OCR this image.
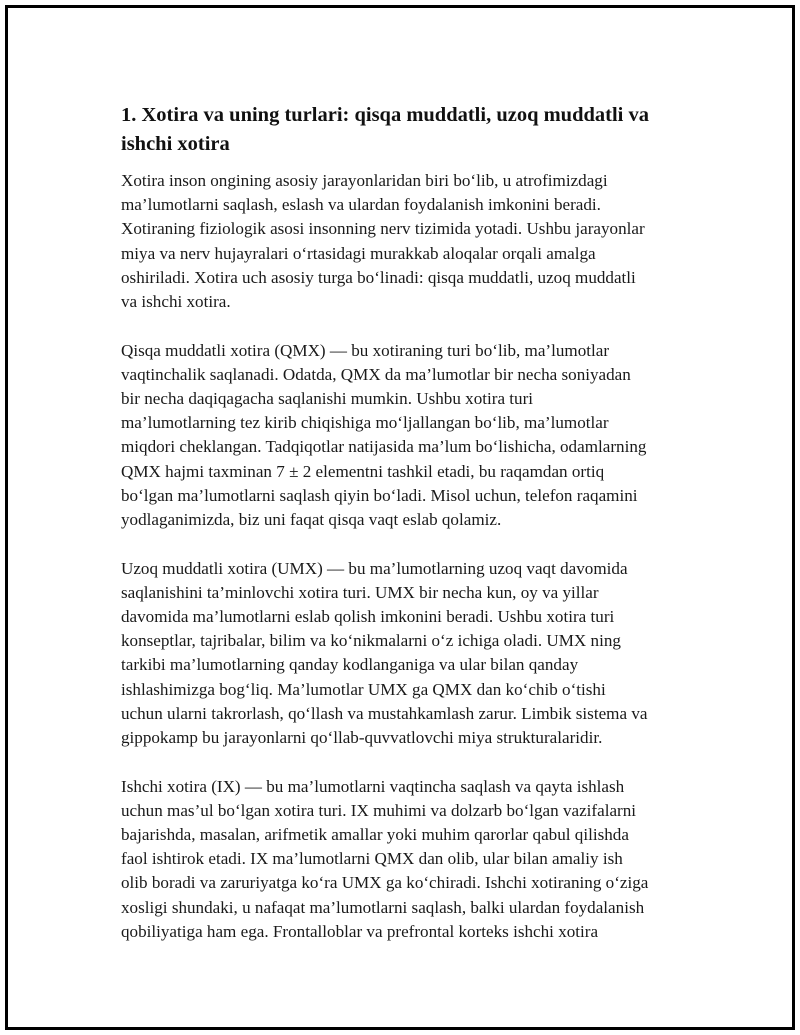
1. Xotira va uning turlari: qisqa muddatli, uzoq muddatli va
ishchi xotira

Xotira inson ongining asosiy jarayonlaridan biri bo‘lib, u atrofimizdagi
ma’lumotlarni saqlash, eslash va ulardan foydalanish imkonini beradi.
Xotiraning fiziologik asosi insonning nerv tizimida yotadi. Ushbu jarayonlar
miya va nerv hujayralari o‘rtasidagi murakkab aloqalar orqali amalga
oshiriladi. Xotira uch asosiy turga bo‘linadi: qisqa muddatli, uzoq muddatli
va ishchi xotira.

Qisqa muddatli xotira (QMX) — bu xotiraning turi bo‘lib, ma’lumotlar
vaqtinchalik saqlanadi. Odatda, QMX da ma’lumotlar bir necha soniyadan
bir necha daqiqagacha saqlanishi mumkin. Ushbu xotira turi
ma’lumotlarning tez kirib chiqishiga mo‘ljallangan bo‘lib, ma’lumotlar
miqdori cheklangan. Tadqiqotlar natijasida ma’lum bo‘lishicha, odamlarning
QMX hajmi taxminan 7 ± 2 elementni tashkil etadi, bu raqamdan ortiq
bo‘lgan ma’lumotlarni saqlash qiyin bo‘ladi. Misol uchun, telefon raqamini
yodlaganimizda, biz uni faqat qisqa vaqt eslab qolamiz.

Uzoq muddatli xotira (UMX) — bu ma’lumotlarning uzoq vaqt davomida
saqlanishini ta’minlovchi xotira turi. UMX bir necha kun, oy va yillar
davomida ma’lumotlarni eslab qolish imkonini beradi. Ushbu xotira turi
konseptlar, tajribalar, bilim va ko‘nikmalarni o‘z ichiga oladi. UMX ning
tarkibi ma’lumotlarning qanday kodlanganiga va ular bilan qanday
ishlashimizga bog‘liq. Ma’lumotlar UMX ga QMX dan ko‘chib o‘tishi
uchun ularni takrorlash, qo‘llash va mustahkamlash zarur. Limbik sistema va
gippokamp bu jarayonlarni qo‘llab-quvvatlovchi miya strukturalaridir.

Ishchi xotira (IX) — bu ma’lumotlarni vaqtincha saqlash va qayta ishlash
uchun mas’ul bo‘lgan xotira turi. IX muhimi va dolzarb bo‘lgan vazifalarni
bajarishda, masalan, arifmetik amallar yoki muhim qarorlar qabul qilishda
faol ishtirok etadi. IX ma’lumotlarni QMX dan olib, ular bilan amaliy ish
olib boradi va zaruriyatga ko‘ra UMX ga ko‘chiradi. Ishchi xotiraning o‘ziga
xosligi shundaki, u nafaqat ma’lumotlarni saqlash, balki ulardan foydalanish
qobiliyatiga ham ega. Frontalloblar va prefrontal korteks ishchi xotira
